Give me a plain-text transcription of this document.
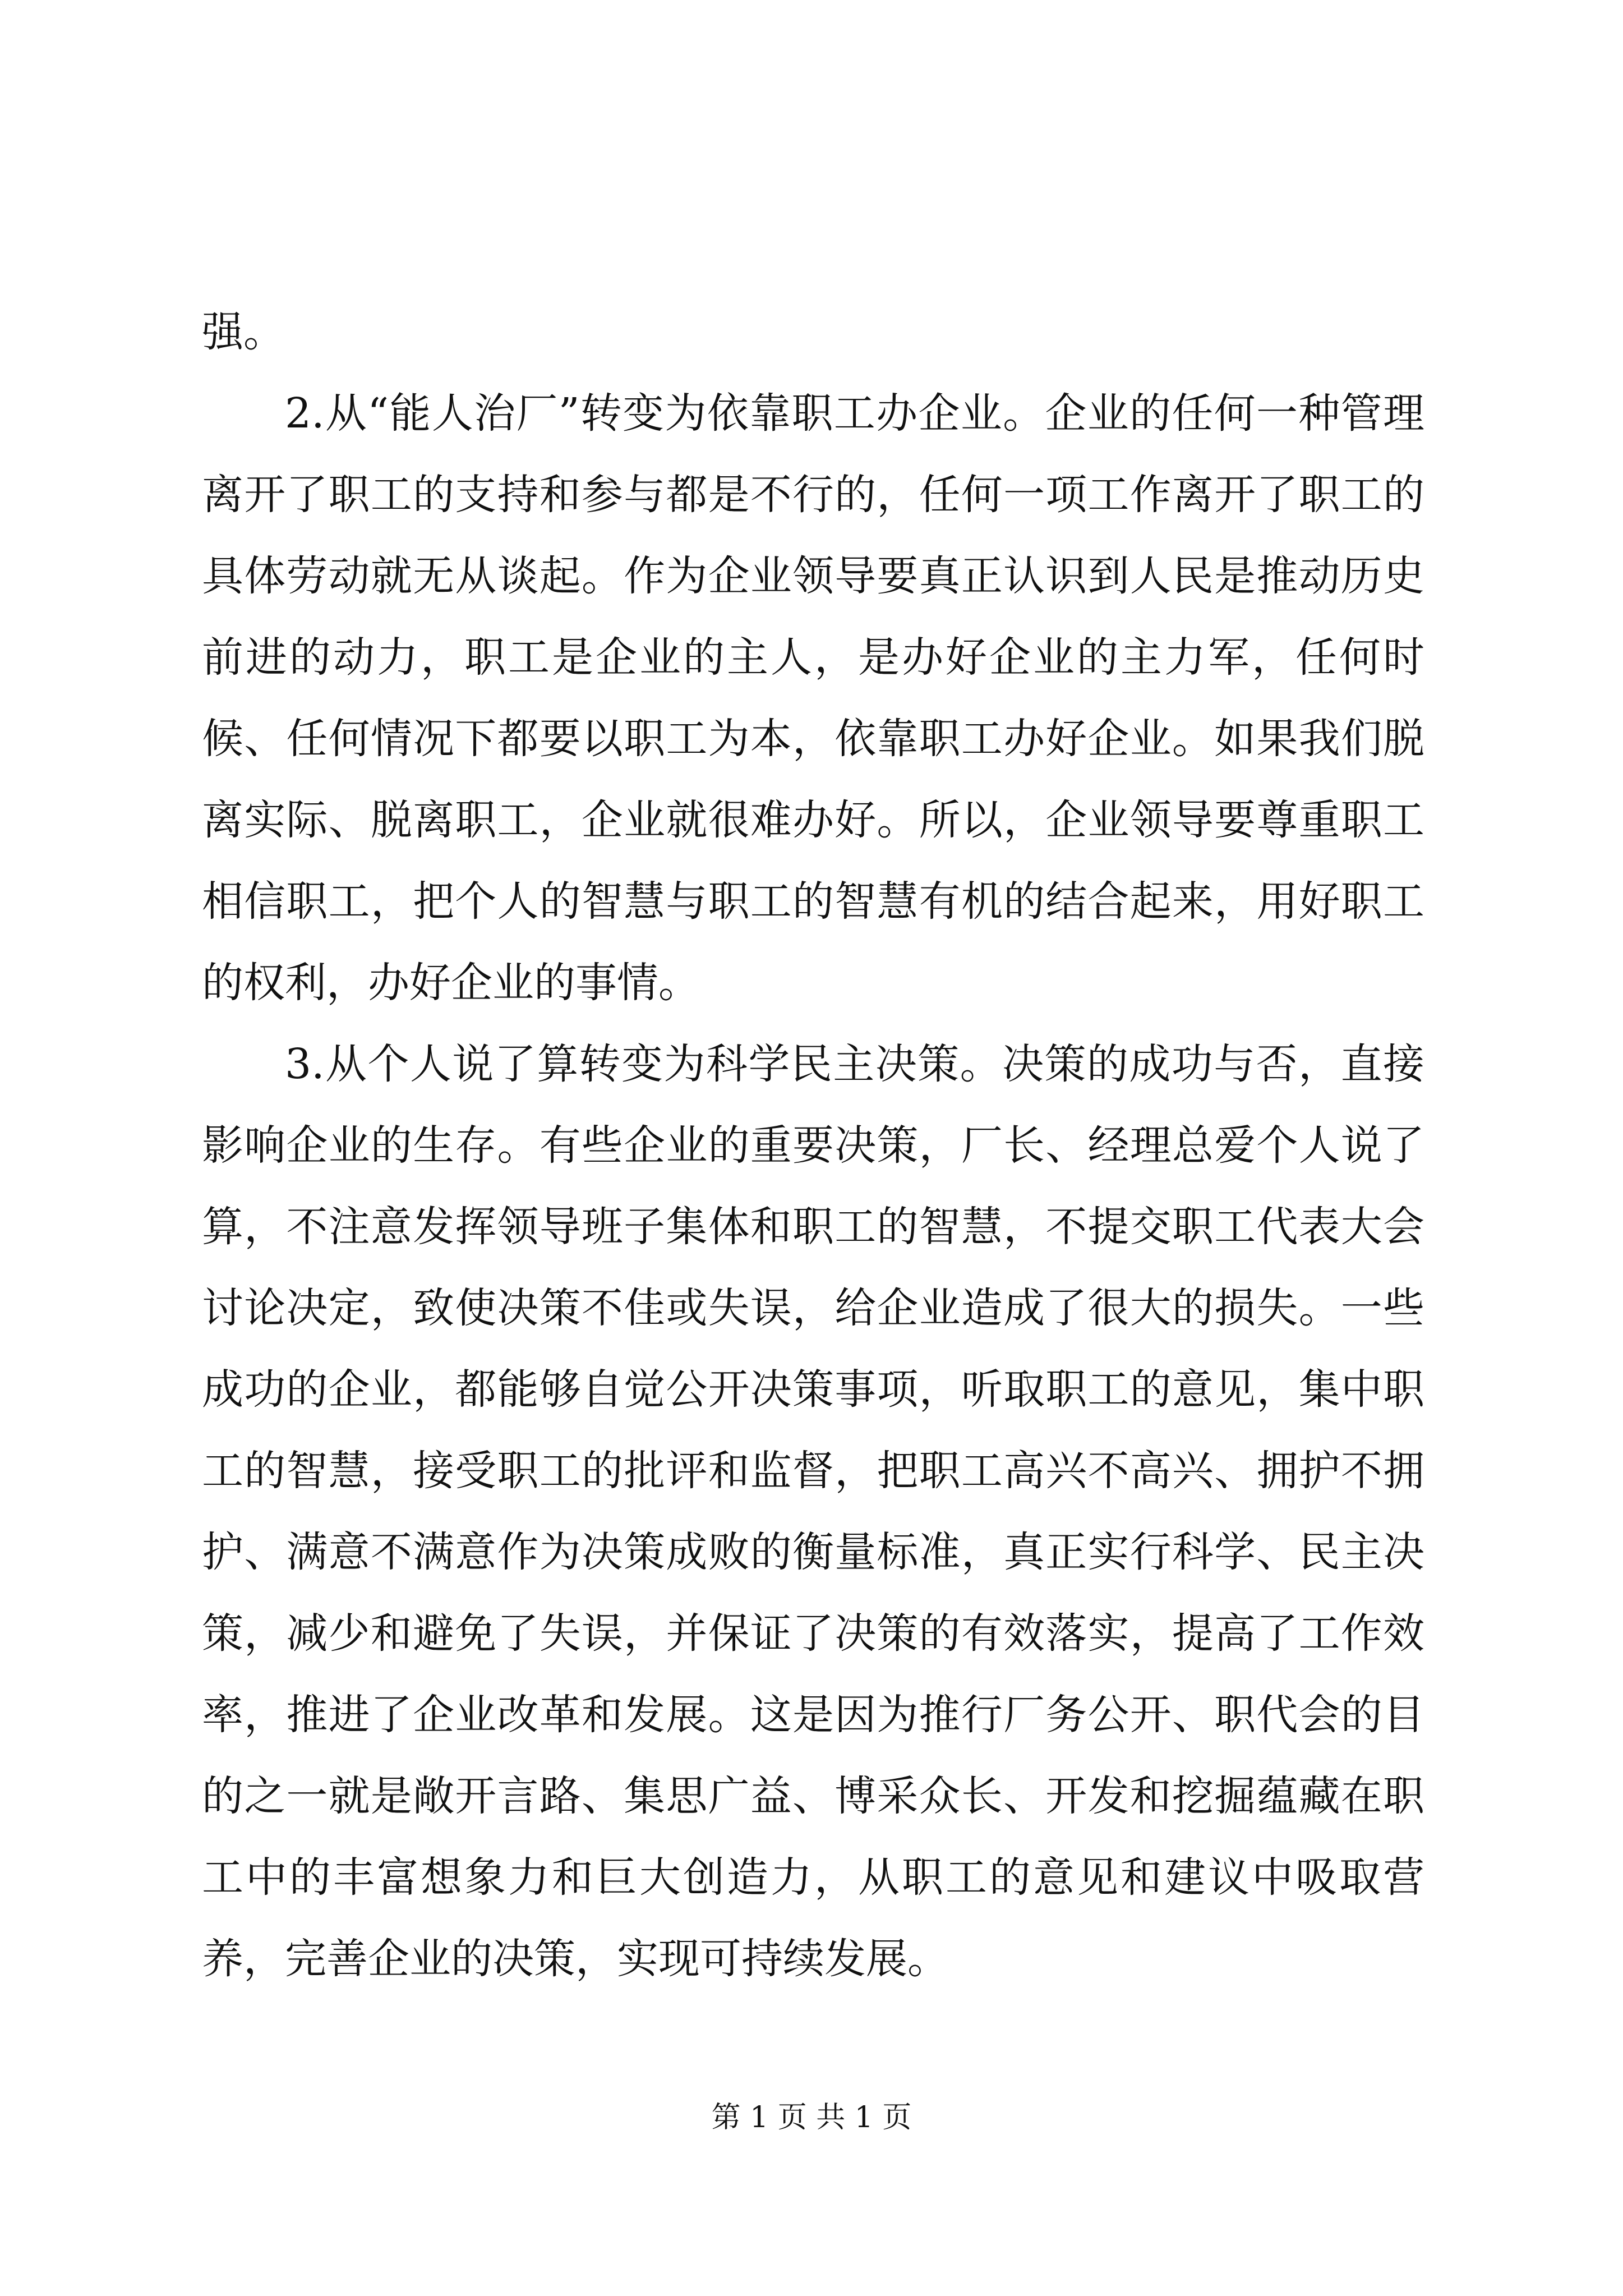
强。

2.从“能人治厂”转变为依靠职工办企业。企业的任何一种管理离开了职工的支持和参与都是不行的，任何一项工作离开了职工的具体劳动就无从谈起。作为企业领导要真正认识到人民是推动历史前进的动力，职工是企业的主人，是办好企业的主力军，任何时候、任何情况下都要以职工为本，依靠职工办好企业。如果我们脱离实际、脱离职工，企业就很难办好。所以，企业领导要尊重职工相信职工，把个人的智慧与职工的智慧有机的结合起来，用好职工的权利，办好企业的事情。

3.从个人说了算转变为科学民主决策。决策的成功与否，直接影响企业的生存。有些企业的重要决策，厂长、经理总爱个人说了算，不注意发挥领导班子集体和职工的智慧，不提交职工代表大会讨论决定，致使决策不佳或失误，给企业造成了很大的损失。一些成功的企业，都能够自觉公开决策事项，听取职工的意见，集中职工的智慧，接受职工的批评和监督，把职工高兴不高兴、拥护不拥护、满意不满意作为决策成败的衡量标准，真正实行科学、民主决策，减少和避免了失误，并保证了决策的有效落实，提高了工作效率，推进了企业改革和发展。这是因为推行厂务公开、职代会的目的之一就是敞开言路、集思广益、博采众长、开发和挖掘蕴藏在职工中的丰富想象力和巨大创造力，从职工的意见和建议中吸取营养，完善企业的决策，实现可持续发展。

第 1 页 共 1 页
